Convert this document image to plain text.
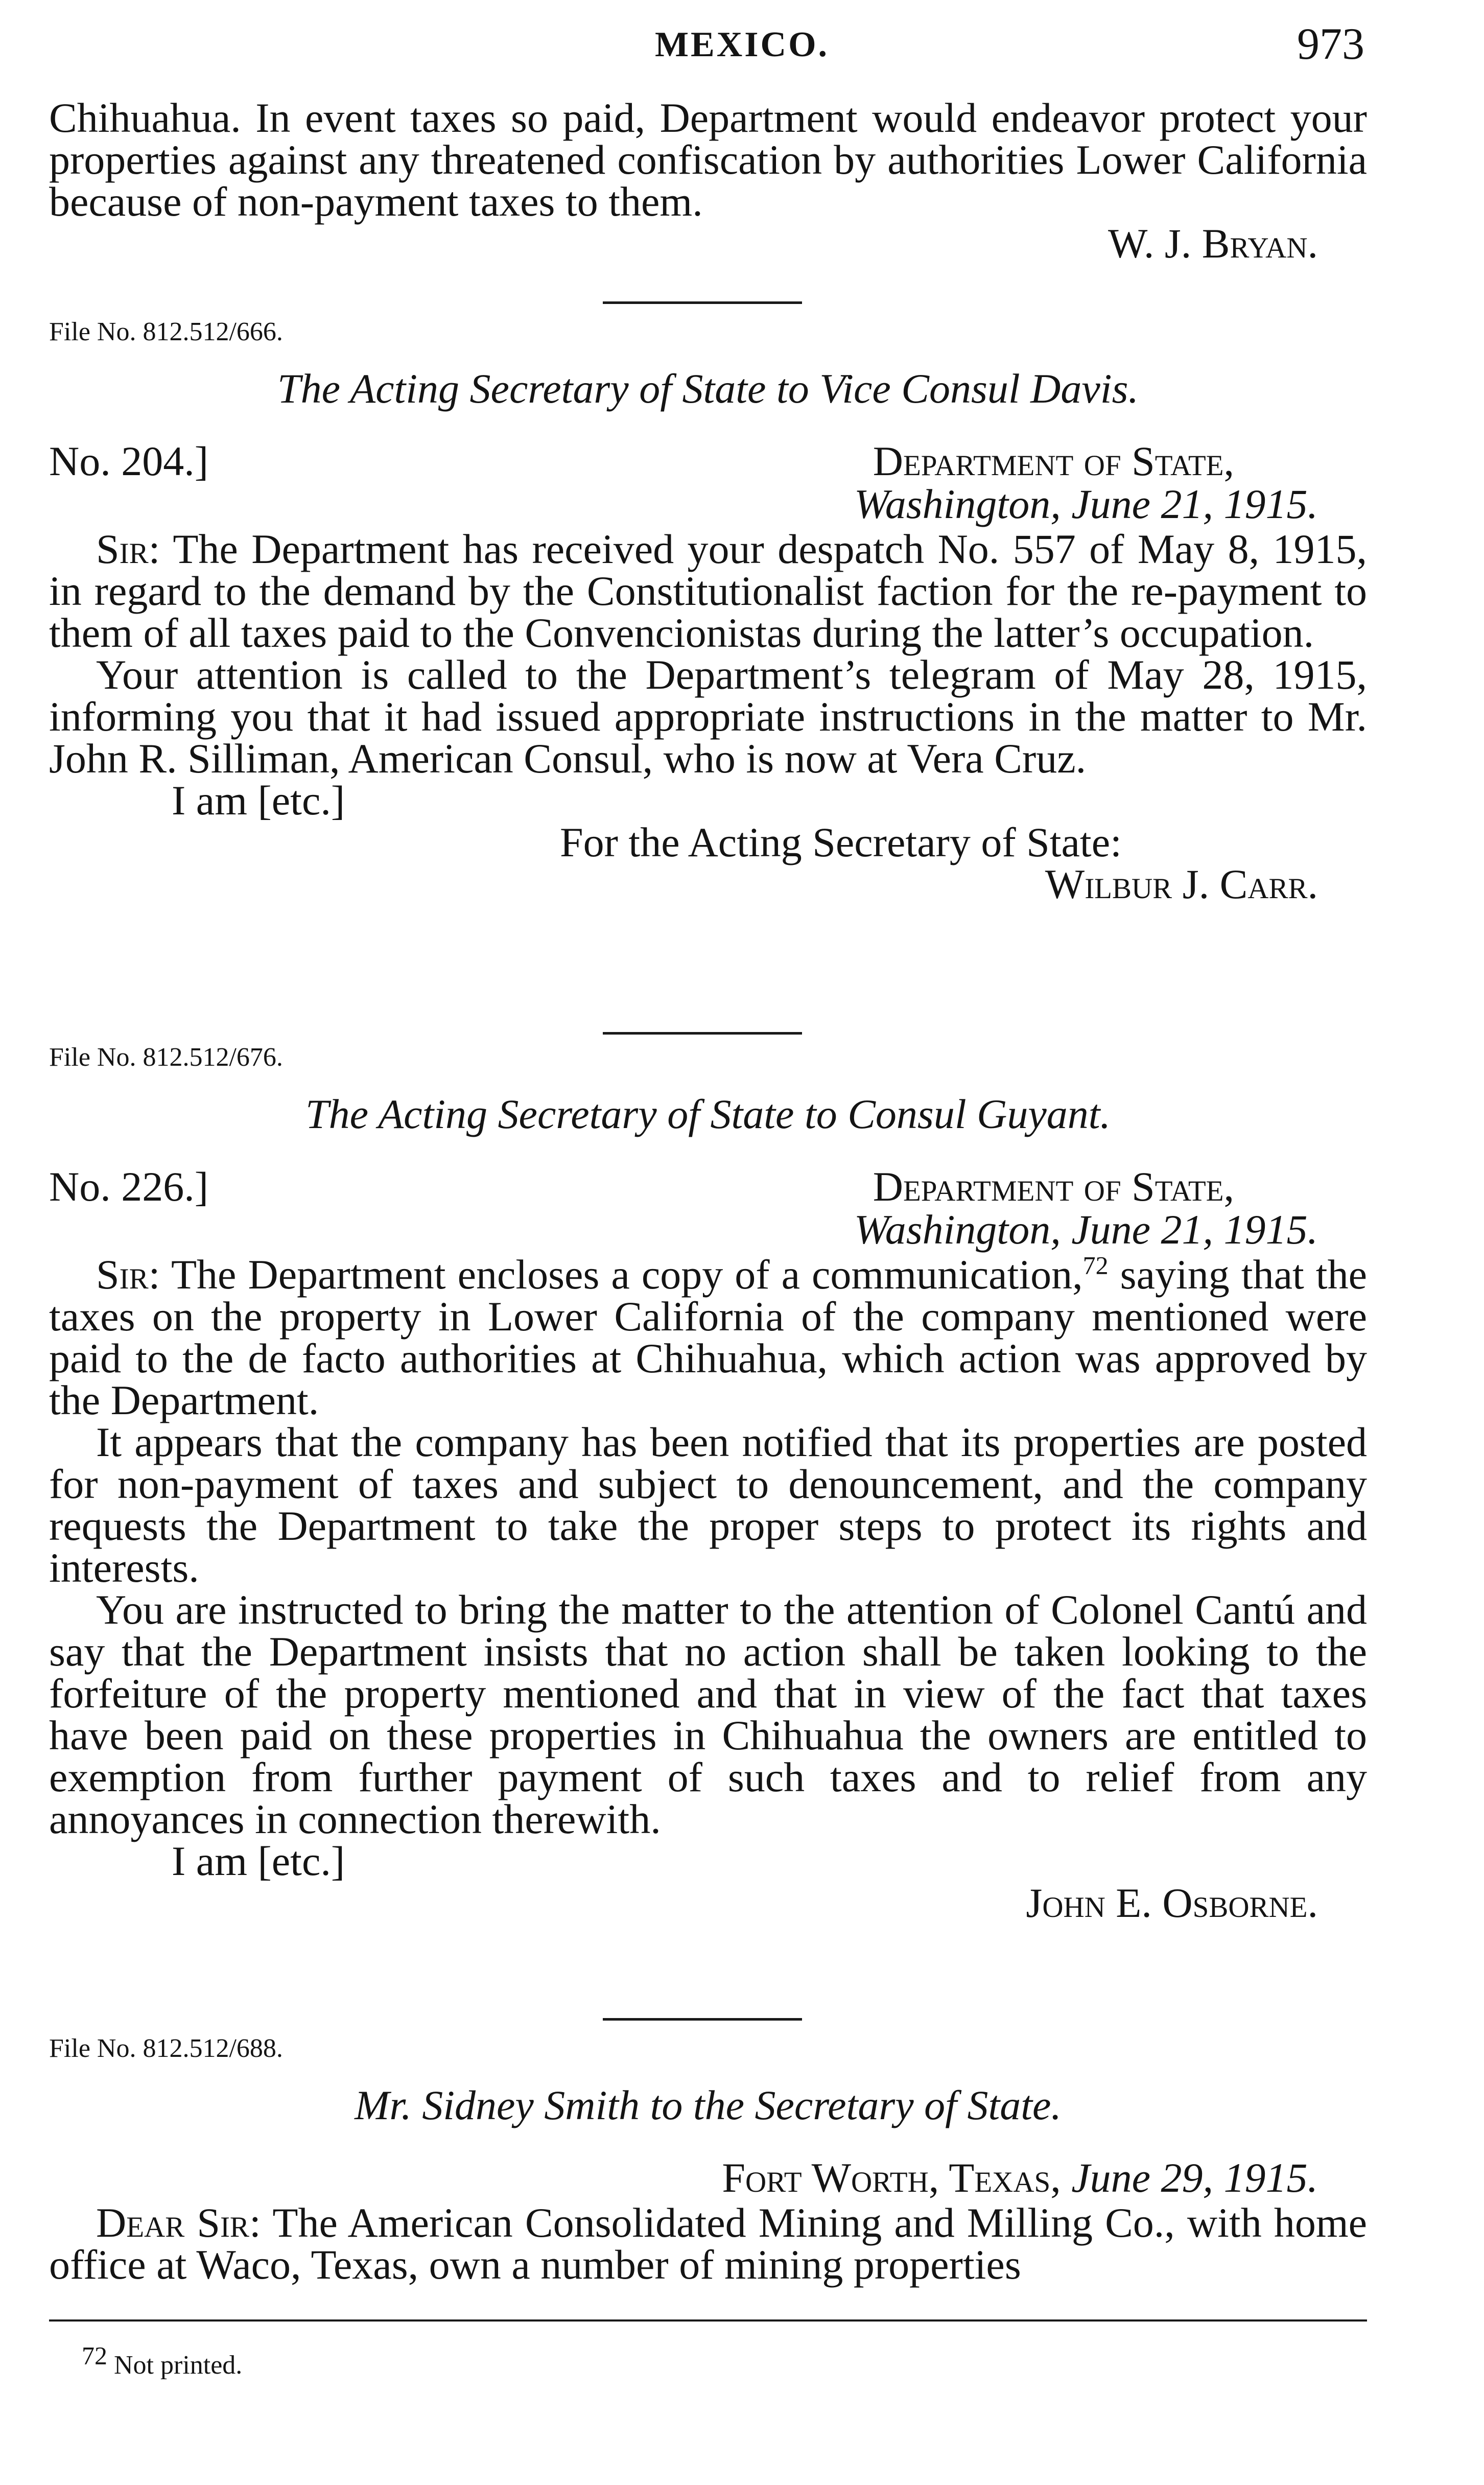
MEXICO.	973

Chihuahua. In event taxes so paid, Department would endeavor protect your properties against any threatened confiscation by authorities Lower California because of non-payment taxes to them.

W. J. Bryan.

File No. 812.512/666.
The Acting Secretary of State to Vice Consul Davis.
No. 204.]	Department of State,
Washington, June 21, 1915.

Sir: The Department has received your despatch No. 557 of May 8, 1915, in regard to the demand by the Constitutionalist faction for the re-payment to them of all taxes paid to the Convencionistas during the latter’s occupation.

Your attention is called to the Department’s telegram of May 28, 1915, informing you that it had issued appropriate instructions in the matter to Mr. John R. Silliman, American Consul, who is now at Vera Cruz.

I am [etc.]

For the Acting Secretary of State:

Wilbur J. Carr.

File No. 812.512/676.
The Acting Secretary of State to Consul Guyant.
No. 226.]	Department of State,
Washington, June 21, 1915.

Sir: The Department encloses a copy of a communication,$^{72}$ saying that the taxes on the property in Lower California of the company mentioned were paid to the de facto authorities at Chihuahua, which action was approved by the Department.

It appears that the company has been notified that its properties are posted for non-payment of taxes and subject to denouncement, and the company requests the Department to take the proper steps to protect its rights and interests.

You are instructed to bring the matter to the attention of Colonel Cantú and say that the Department insists that no action shall be taken looking to the forfeiture of the property mentioned and that in view of the fact that taxes have been paid on these properties in Chihuahua the owners are entitled to exemption from further payment of such taxes and to relief from any annoyances in connection therewith.

I am [etc.]

John E. Osborne.

File No. 812.512/688.
Mr. Sidney Smith to the Secretary of State.
Fort Worth, Texas, June 29, 1915.

Dear Sir: The American Consolidated Mining and Milling Co., with home office at Waco, Texas, own a number of mining properties

$^{72}$ Not printed.
